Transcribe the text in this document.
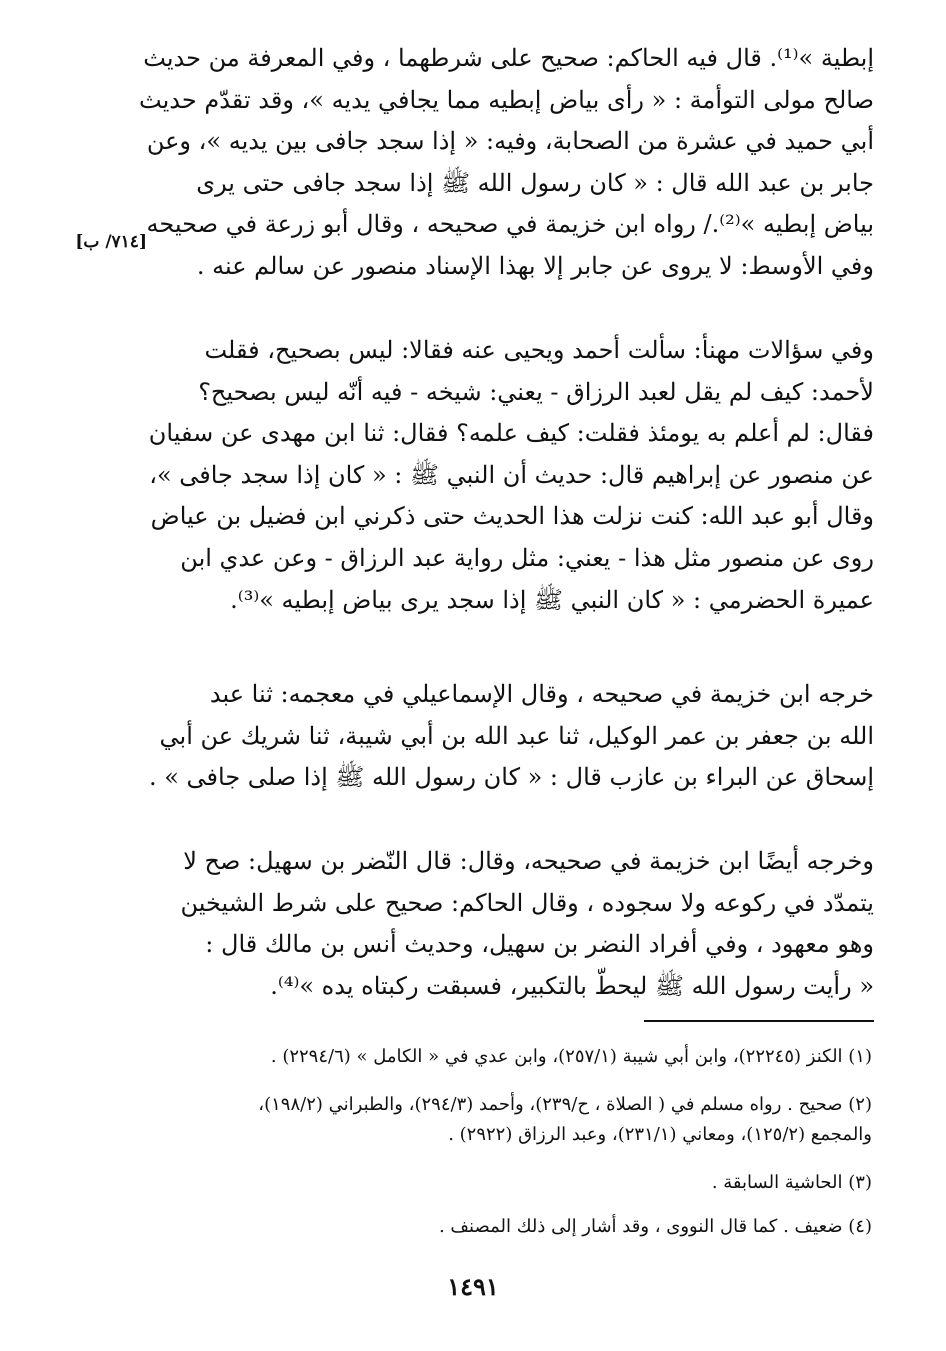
[٧١٤/ ب]
إبطية »⁽¹⁾. قال فيه الحاكم: صحيح على شرطهما ، وفي المعرفة من حديث
صالح مولى التوأمة : « رأى بياض إبطيه مما يجافي يديه »، وقد تقدّم حديث
أبي حميد في عشرة من الصحابة، وفيه: « إذا سجد جافى بين يديه »، وعن
جابر بن عبد الله قال : « كان رسول الله ﷺ إذا سجد جافى حتى يرى
بياض إبطيه »⁽²⁾./ رواه ابن خزيمة في صحيحه ، وقال أبو زرعة في صحيحه
وفي الأوسط: لا يروى عن جابر إلا بهذا الإسناد منصور عن سالم عنه .
وفي سؤالات مهنأ: سألت أحمد ويحيى عنه فقالا: ليس بصحيح، فقلت
لأحمد: كيف لم يقل لعبد الرزاق - يعني: شيخه - فيه أنّه ليس بصحيح؟
فقال: لم أعلم به يومئذ فقلت: كيف علمه؟ فقال: ثنا ابن مهدى عن سفيان
عن منصور عن إبراهيم قال: حديث أن النبي ﷺ : « كان إذا سجد جافى »،
وقال أبو عبد الله: كنت نزلت هذا الحديث حتى ذكرني ابن فضيل بن عياض
روى عن منصور مثل هذا - يعني: مثل رواية عبد الرزاق - وعن عدي ابن
عميرة الحضرمي : « كان النبي ﷺ إذا سجد يرى بياض إبطيه »⁽³⁾.
خرجه ابن خزيمة في صحيحه ، وقال الإسماعيلي في معجمه: ثنا عبد
الله بن جعفر بن عمر الوكيل، ثنا عبد الله بن أبي شيبة، ثنا شريك عن أبي
إسحاق عن البراء بن عازب قال : « كان رسول الله ﷺ إذا صلى جافى » .
وخرجه أيضًا ابن خزيمة في صحيحه، وقال: قال النّضر بن سهيل: صح لا
يتمدّد في ركوعه ولا سجوده ، وقال الحاكم: صحيح على شرط الشيخين
وهو معهود ، وفي أفراد النضر بن سهيل، وحديث أنس بن مالك قال :
« رأيت رسول الله ﷺ ليحطّ بالتكبير، فسبقت ركبتاه يده »⁽⁴⁾.
(١) الكنز (٢٢٢٤٥)، وابن أبي شيبة (٢٥٧/١)، وابن عدي في « الكامل » (٢٢٩٤/٦) .
(٢) صحيح . رواه مسلم في ( الصلاة ، ح/٢٣٩)، وأحمد (٢٩٤/٣)، والطبراني (١٩٨/٢)،
والمجمع (١٢٥/٢)، ومعاني (٢٣١/١)، وعبد الرزاق (٢٩٢٢) .
(٣) الحاشية السابقة .
(٤) ضعيف . كما قال النووى ، وقد أشار إلى ذلك المصنف .
١٤٩١
